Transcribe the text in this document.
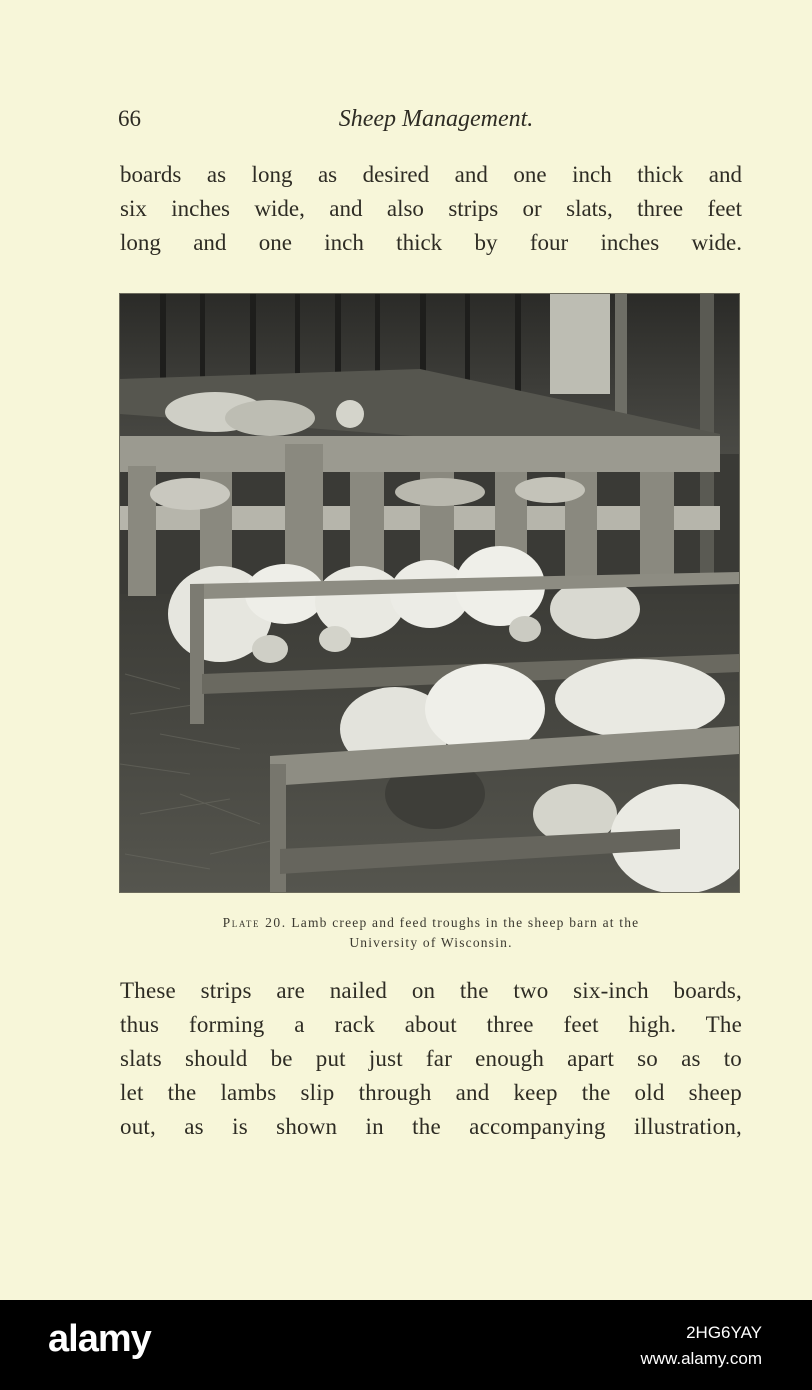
66	Sheep Management.

boards as long as desired and one inch thick and
six inches wide, and also strips or slats, three feet
long and one inch thick by four inches wide.

Plate 20. Lamb creep and feed troughs in the sheep barn at the
University of Wisconsin.

These strips are nailed on the two six-inch boards,
thus forming a rack about three feet high. The
slats should be put just far enough apart so as to
let the lambs slip through and keep the old sheep
out, as is shown in the accompanying illustration,

alamy	2HG6YAY
www.alamy.com
